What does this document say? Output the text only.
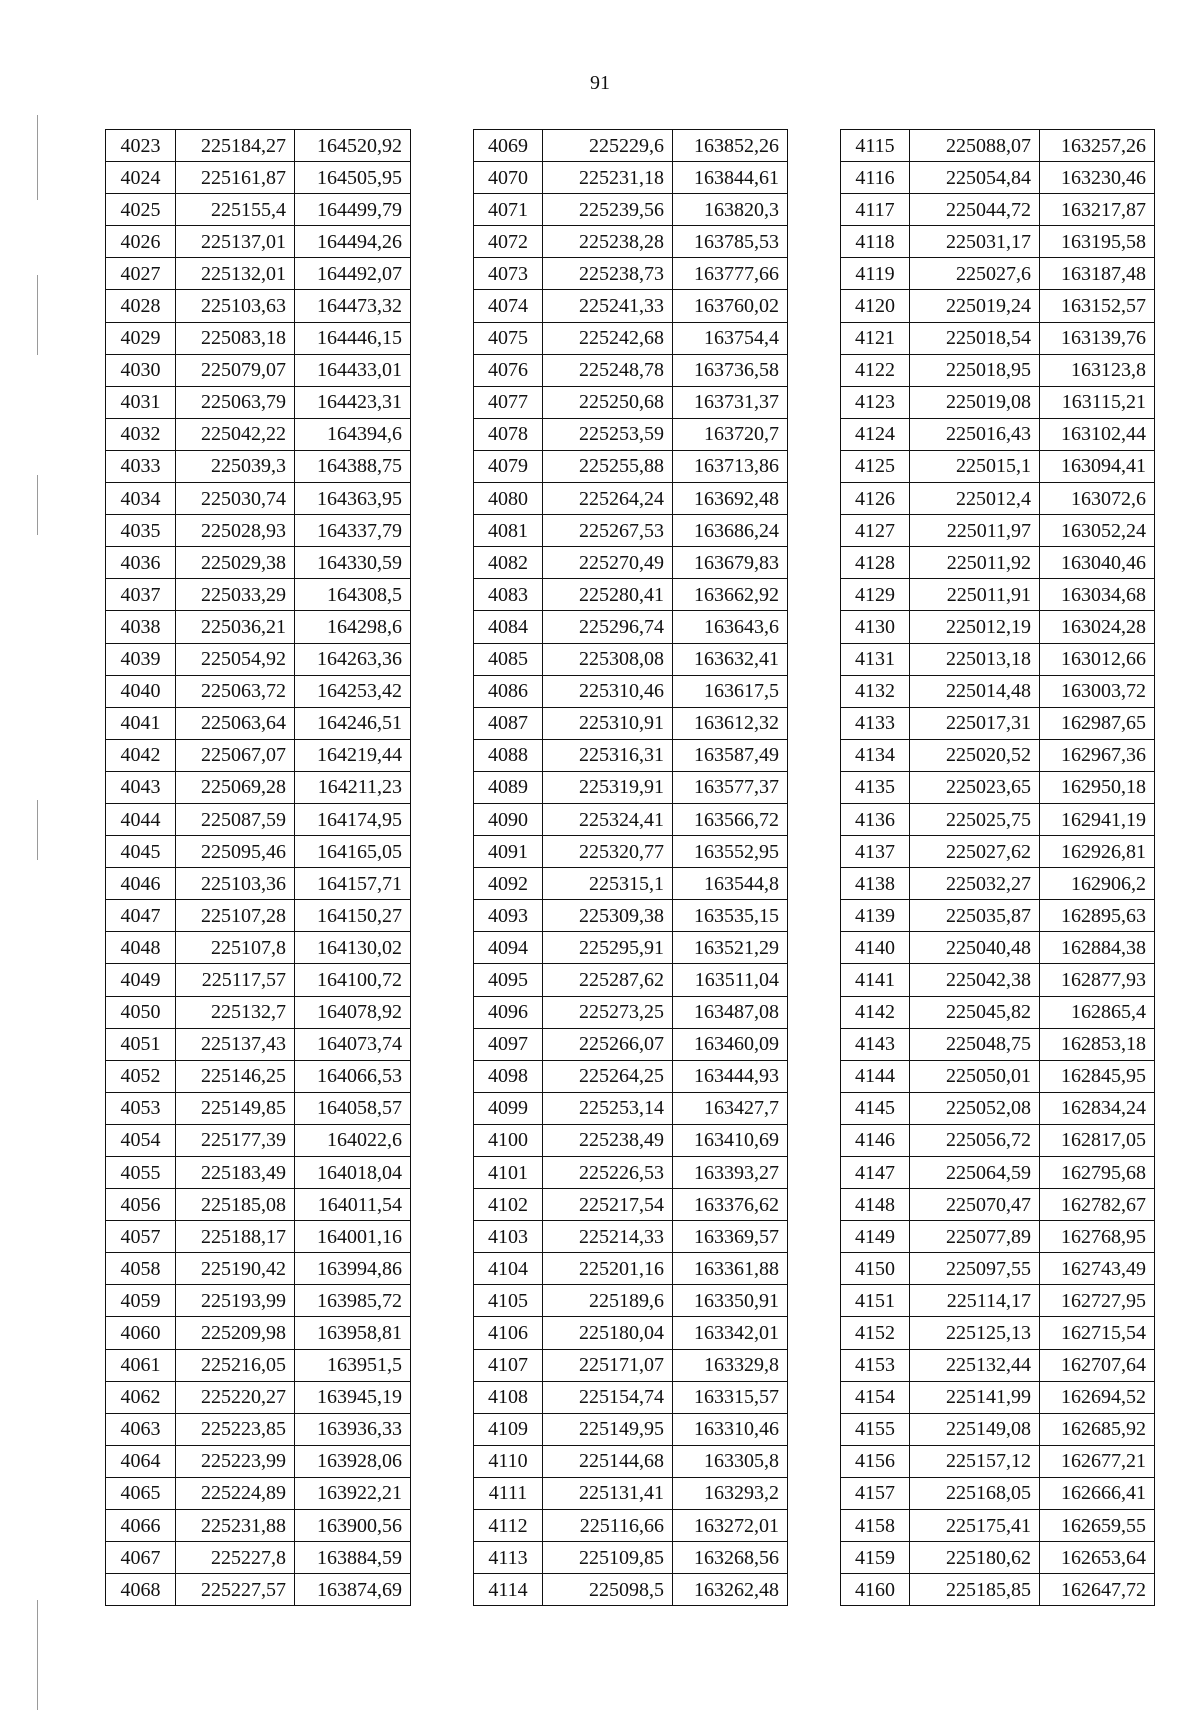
91
4023	225184,27	164520,92
4024	225161,87	164505,95
4025	225155,4	164499,79
4026	225137,01	164494,26
4027	225132,01	164492,07
4028	225103,63	164473,32
4029	225083,18	164446,15
4030	225079,07	164433,01
4031	225063,79	164423,31
4032	225042,22	164394,6
4033	225039,3	164388,75
4034	225030,74	164363,95
4035	225028,93	164337,79
4036	225029,38	164330,59
4037	225033,29	164308,5
4038	225036,21	164298,6
4039	225054,92	164263,36
4040	225063,72	164253,42
4041	225063,64	164246,51
4042	225067,07	164219,44
4043	225069,28	164211,23
4044	225087,59	164174,95
4045	225095,46	164165,05
4046	225103,36	164157,71
4047	225107,28	164150,27
4048	225107,8	164130,02
4049	225117,57	164100,72
4050	225132,7	164078,92
4051	225137,43	164073,74
4052	225146,25	164066,53
4053	225149,85	164058,57
4054	225177,39	164022,6
4055	225183,49	164018,04
4056	225185,08	164011,54
4057	225188,17	164001,16
4058	225190,42	163994,86
4059	225193,99	163985,72
4060	225209,98	163958,81
4061	225216,05	163951,5
4062	225220,27	163945,19
4063	225223,85	163936,33
4064	225223,99	163928,06
4065	225224,89	163922,21
4066	225231,88	163900,56
4067	225227,8	163884,59
4068	225227,57	163874,69
4069	225229,6	163852,26
4070	225231,18	163844,61
4071	225239,56	163820,3
4072	225238,28	163785,53
4073	225238,73	163777,66
4074	225241,33	163760,02
4075	225242,68	163754,4
4076	225248,78	163736,58
4077	225250,68	163731,37
4078	225253,59	163720,7
4079	225255,88	163713,86
4080	225264,24	163692,48
4081	225267,53	163686,24
4082	225270,49	163679,83
4083	225280,41	163662,92
4084	225296,74	163643,6
4085	225308,08	163632,41
4086	225310,46	163617,5
4087	225310,91	163612,32
4088	225316,31	163587,49
4089	225319,91	163577,37
4090	225324,41	163566,72
4091	225320,77	163552,95
4092	225315,1	163544,8
4093	225309,38	163535,15
4094	225295,91	163521,29
4095	225287,62	163511,04
4096	225273,25	163487,08
4097	225266,07	163460,09
4098	225264,25	163444,93
4099	225253,14	163427,7
4100	225238,49	163410,69
4101	225226,53	163393,27
4102	225217,54	163376,62
4103	225214,33	163369,57
4104	225201,16	163361,88
4105	225189,6	163350,91
4106	225180,04	163342,01
4107	225171,07	163329,8
4108	225154,74	163315,57
4109	225149,95	163310,46
4110	225144,68	163305,8
4111	225131,41	163293,2
4112	225116,66	163272,01
4113	225109,85	163268,56
4114	225098,5	163262,48
4115	225088,07	163257,26
4116	225054,84	163230,46
4117	225044,72	163217,87
4118	225031,17	163195,58
4119	225027,6	163187,48
4120	225019,24	163152,57
4121	225018,54	163139,76
4122	225018,95	163123,8
4123	225019,08	163115,21
4124	225016,43	163102,44
4125	225015,1	163094,41
4126	225012,4	163072,6
4127	225011,97	163052,24
4128	225011,92	163040,46
4129	225011,91	163034,68
4130	225012,19	163024,28
4131	225013,18	163012,66
4132	225014,48	163003,72
4133	225017,31	162987,65
4134	225020,52	162967,36
4135	225023,65	162950,18
4136	225025,75	162941,19
4137	225027,62	162926,81
4138	225032,27	162906,2
4139	225035,87	162895,63
4140	225040,48	162884,38
4141	225042,38	162877,93
4142	225045,82	162865,4
4143	225048,75	162853,18
4144	225050,01	162845,95
4145	225052,08	162834,24
4146	225056,72	162817,05
4147	225064,59	162795,68
4148	225070,47	162782,67
4149	225077,89	162768,95
4150	225097,55	162743,49
4151	225114,17	162727,95
4152	225125,13	162715,54
4153	225132,44	162707,64
4154	225141,99	162694,52
4155	225149,08	162685,92
4156	225157,12	162677,21
4157	225168,05	162666,41
4158	225175,41	162659,55
4159	225180,62	162653,64
4160	225185,85	162647,72
